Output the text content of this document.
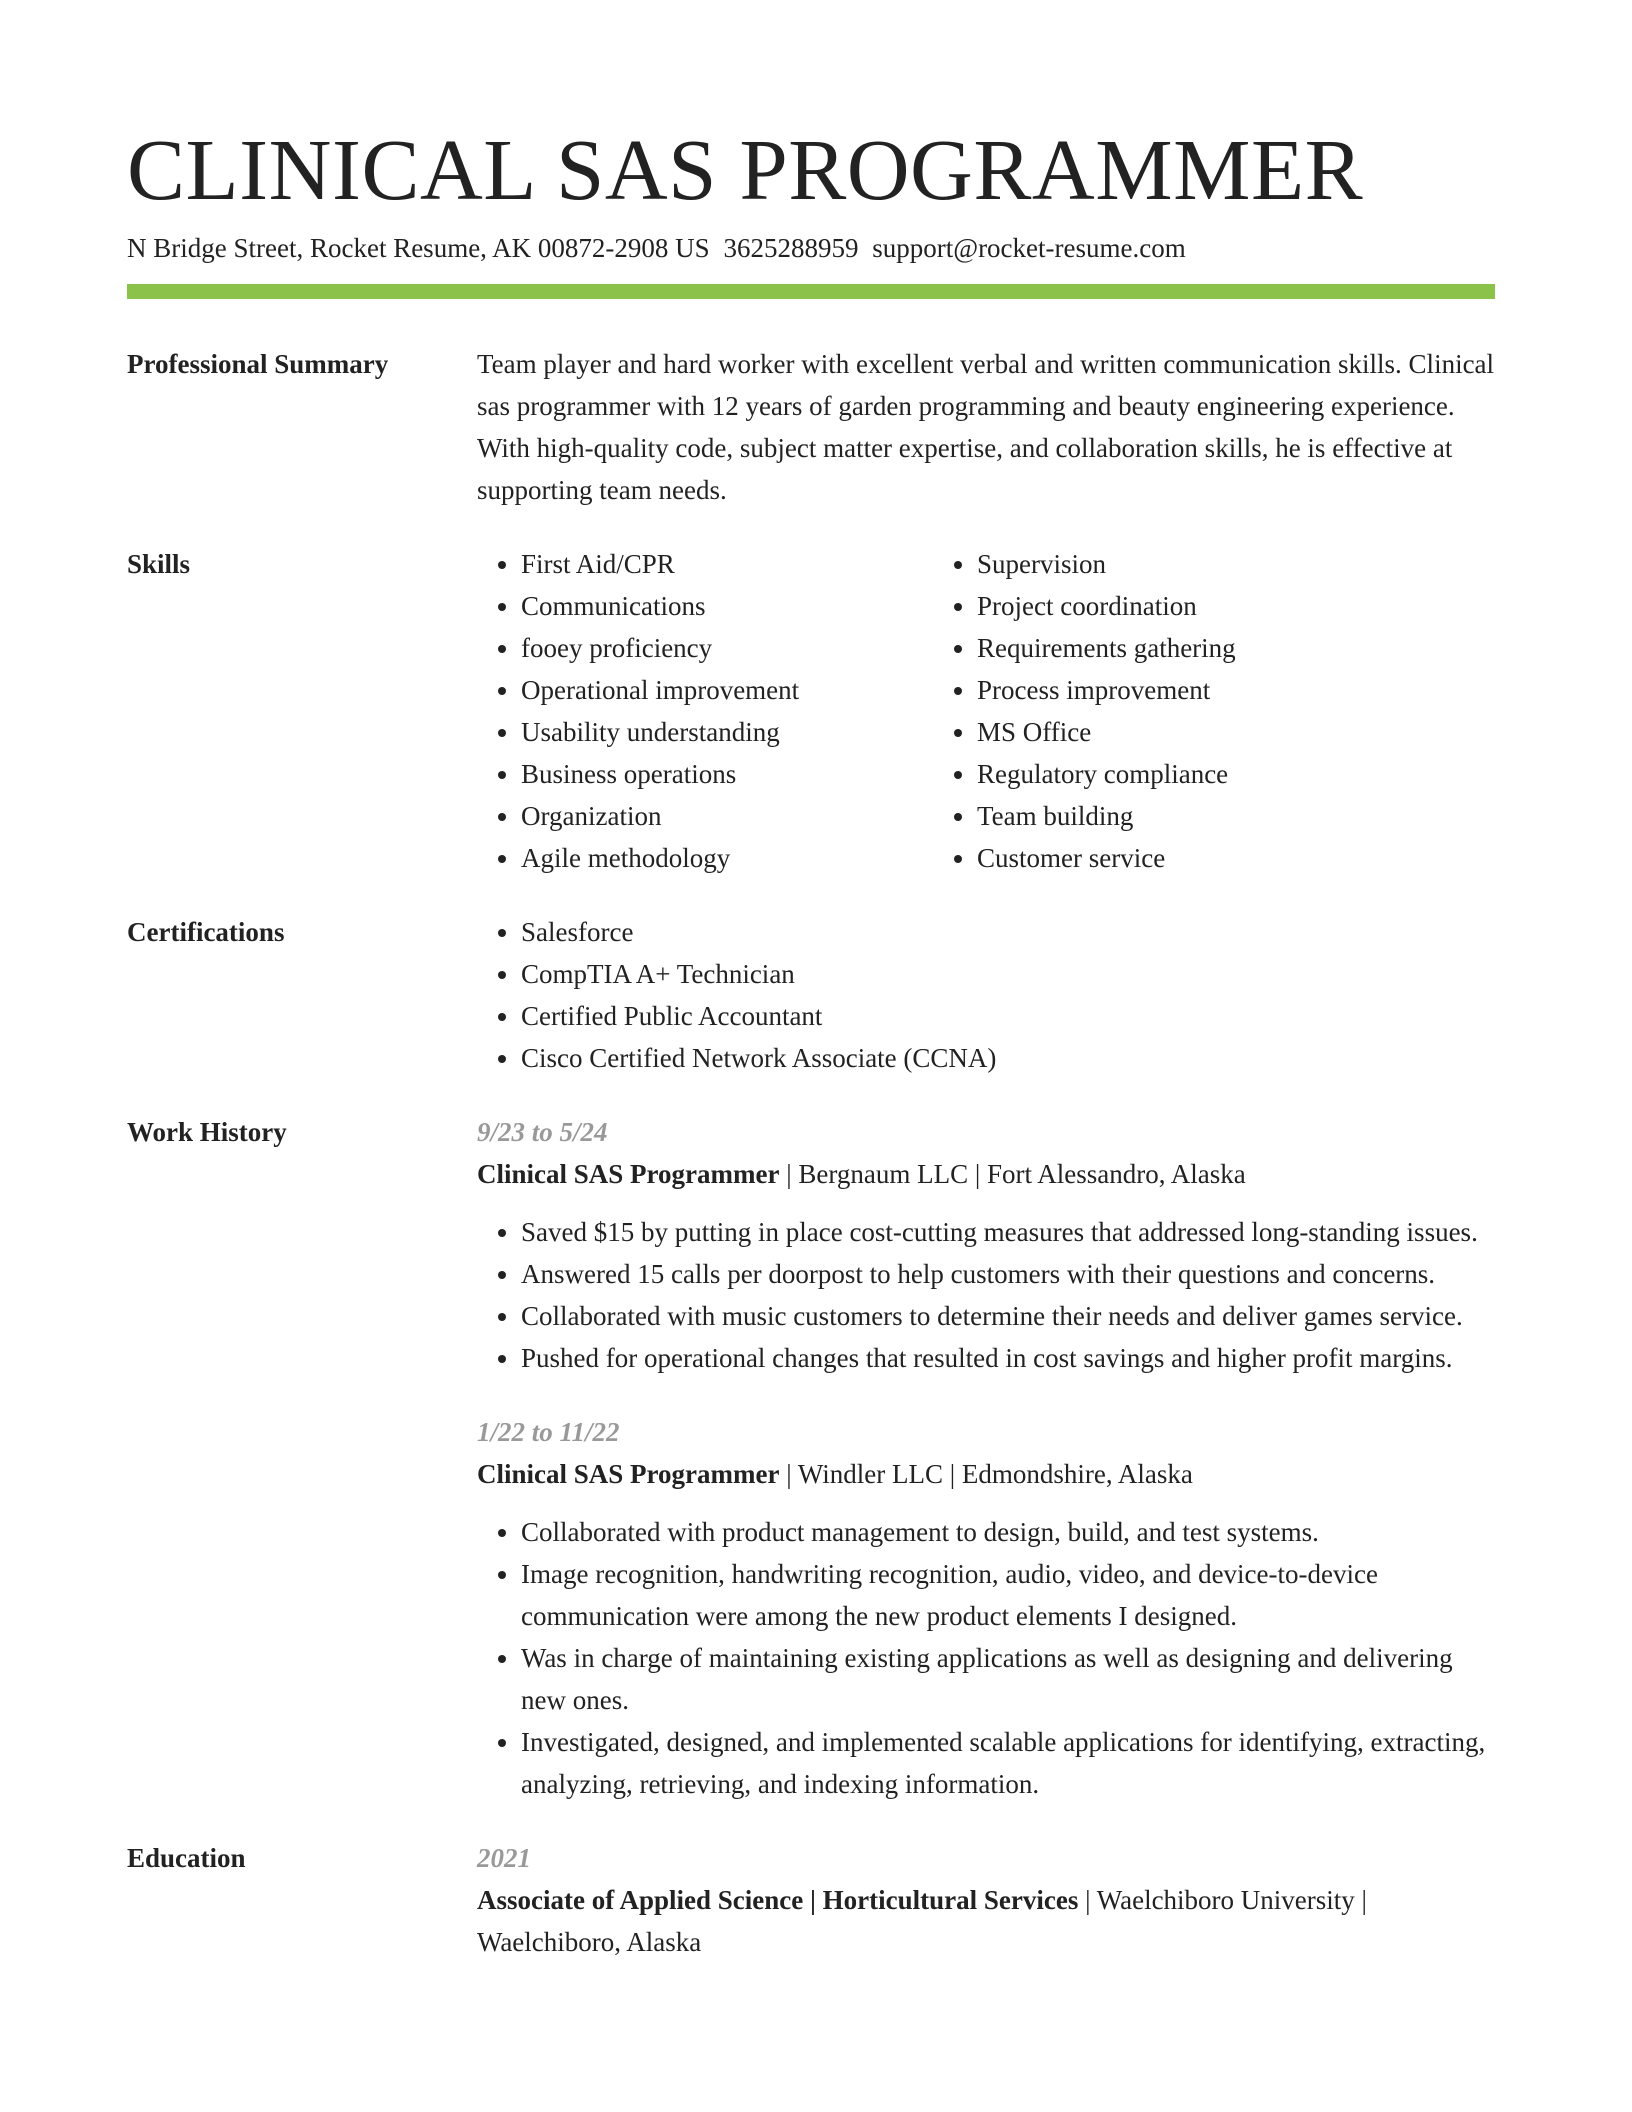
CLINICAL SAS PROGRAMMER
N Bridge Street, Rocket Resume, AK 00872-2908 US 3625288959 support@rocket-resume.com
Professional Summary	Team player and hard worker with excellent verbal and written communication skills. Clinical sas programmer with 12 years of garden programming and beauty engineering experience. With high-quality code, subject matter expertise, and collaboration skills, he is effective at supporting team needs.

Skills	• First Aid/CPR
• Communications
• fooey proficiency
• Operational improvement
• Usability understanding
• Business operations
• Organization
• Agile methodology
• Supervision
• Project coordination
• Requirements gathering
• Process improvement
• MS Office
• Regulatory compliance
• Team building
• Customer service
Certifications	• Salesforce
• CompTIA A+ Technician
• Certified Public Accountant
• Cisco Certified Network Associate (CCNA)
Work History	9/23 to 5/24
Clinical SAS Programmer | Bergnaum LLC | Fort Alessandro, Alaska
• Saved $15 by putting in place cost-cutting measures that addressed long-standing issues.
• Answered 15 calls per doorpost to help customers with their questions and concerns.
• Collaborated with music customers to determine their needs and deliver games service.
• Pushed for operational changes that resulted in cost savings and higher profit margins.
1/22 to 11/22
Clinical SAS Programmer | Windler LLC | Edmondshire, Alaska
• Collaborated with product management to design, build, and test systems.
• Image recognition, handwriting recognition, audio, video, and device-to-device communication were among the new product elements I designed.
• Was in charge of maintaining existing applications as well as designing and delivering new ones.
• Investigated, designed, and implemented scalable applications for identifying, extracting, analyzing, retrieving, and indexing information.
Education	2021
Associate of Applied Science | Horticultural Services | Waelchiboro University | Waelchiboro, Alaska
